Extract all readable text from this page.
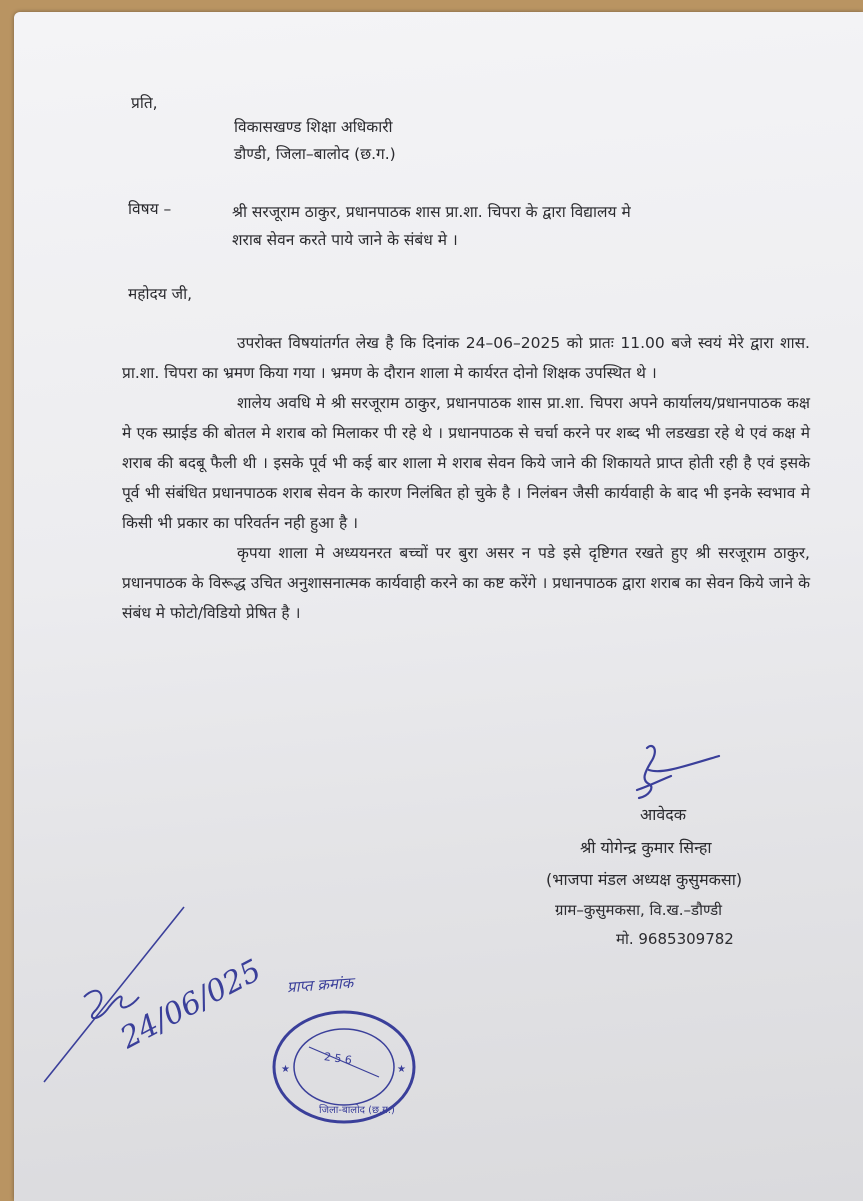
प्रति,
विकासखण्ड शिक्षा अधिकारी
डौण्डी, जिला–बालोद (छ.ग.)
विषय –	श्री सरजूराम ठाकुर, प्रधानपाठक शास प्रा.शा. चिपरा के द्वारा विद्यालय मे
शराब सेवन करते पाये जाने के संबंध मे ।
महोदय जी,

उपरोक्त विषयांतर्गत लेख है कि दिनांक 24–06–2025 को प्रातः 11.00 बजे स्वयं मेरे द्वारा शास. प्रा.शा. चिपरा का भ्रमण किया गया । भ्रमण के दौरान शाला मे कार्यरत दोनो शिक्षक उपस्थित थे ।

शालेय अवधि मे श्री सरजूराम ठाकुर, प्रधानपाठक शास प्रा.शा. चिपरा अपने कार्यालय/प्रधानपाठक कक्ष मे एक स्प्राईड की बोतल मे शराब को मिलाकर पी रहे थे । प्रधानपाठक से चर्चा करने पर शब्द भी लडखडा रहे थे एवं कक्ष मे शराब की बदबू फैली थी । इसके पूर्व भी कई बार शाला मे शराब सेवन किये जाने की शिकायते प्राप्त होती रही है एवं इसके पूर्व भी संबंधित प्रधानपाठक शराब सेवन के कारण निलंबित हो चुके है । निलंबन जैसी कार्यवाही के बाद भी इनके स्वभाव मे किसी भी प्रकार का परिवर्तन नही हुआ है ।

कृपया शाला मे अध्ययनरत बच्चों पर बुरा असर न पडे इसे दृष्टिगत रखते हुए श्री सरजूराम ठाकुर, प्रधानपाठक के विरूद्ध उचित अनुशासनात्मक कार्यवाही करने का कष्ट करेंगे । प्रधानपाठक द्वारा शराब का सेवन किये जाने के संबंध मे फोटो/विडियो प्रेषित है ।

आवेदक
श्री योगेन्द्र कुमार सिन्हा
(भाजपा मंडल अध्यक्ष कुसुमकसा)
ग्राम–कुसुमकसा, वि.ख.–डौण्डी
मो. 9685309782
24/06/025 प्राप्त क्रमांक
★	★
2 5 6
जिला-बालोद (छ.ग.)
